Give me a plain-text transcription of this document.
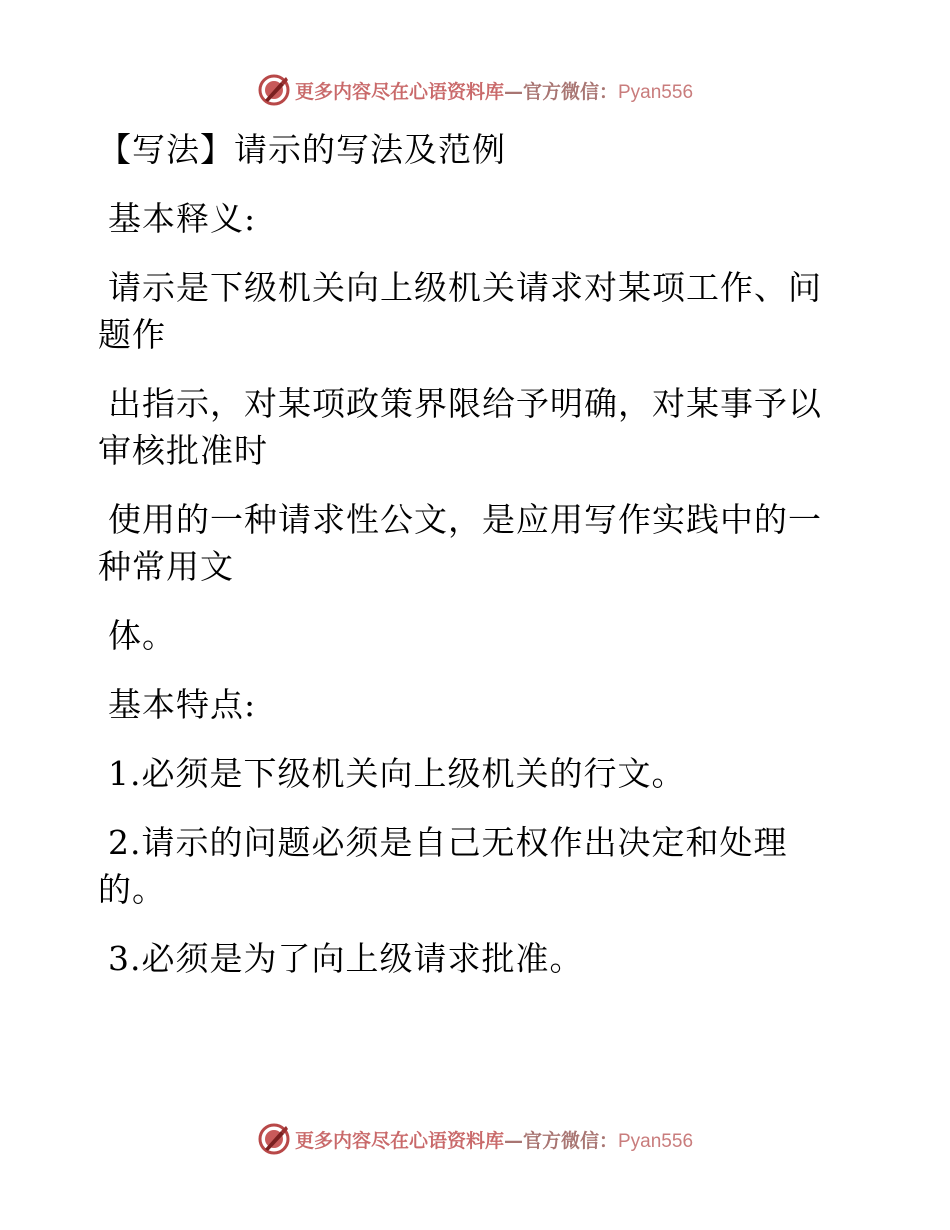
更多内容尽在心语资料库—官方微信：Pyan556
【写法】请示的写法及范例
基本释义:
请示是下级机关向上级机关请求对某项工作、问
题作
出指示，对某项政策界限给予明确，对某事予以
审核批准时
使用的一种请求性公文，是应用写作实践中的一
种常用文
体。
基本特点:
1.必须是下级机关向上级机关的行文。
2.请示的问题必须是自己无权作出决定和处理
的。
3.必须是为了向上级请求批准。
更多内容尽在心语资料库—官方微信：Pyan556
